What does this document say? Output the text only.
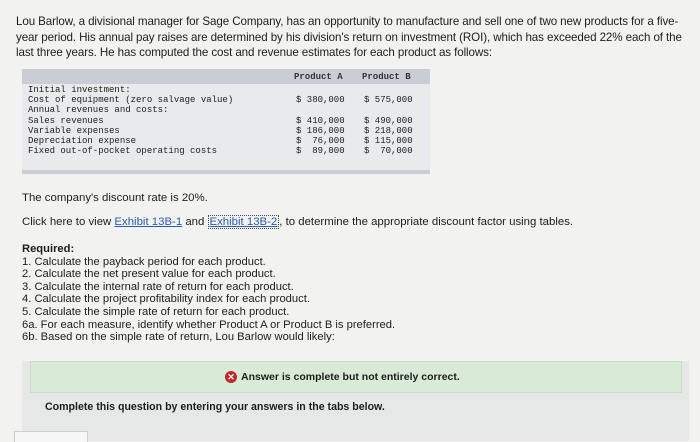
Lou Barlow, a divisional manager for Sage Company, has an opportunity to manufacture and sell one of two new products for a five-year period. His annual pay raises are determined by his division's return on investment (ROI), which has exceeded 22% each of the last three years. He has computed the cost and revenue estimates for each product as follows:
Product A Product B
Initial investment:
Cost of equipment (zero salvage value)	$ 380,000 $ 575,000
Annual revenues and costs:
Sales revenues	$ 410,000 $ 490,000
Variable expenses	$ 186,000 $ 218,000
Depreciation expense	$  76,000 $ 115,000
Fixed out-of-pocket operating costs	$  89,000 $  70,000
The company's discount rate is 20%.
Click here to view Exhibit 13B-1 and Exhibit 13B-2 , to determine the appropriate discount factor using tables.
Required:
1. Calculate the payback period for each product.
2. Calculate the net present value for each product.
3. Calculate the internal rate of return for each product.
4. Calculate the project profitability index for each product.
5. Calculate the simple rate of return for each product.
6a. For each measure, identify whether Product A or Product B is preferred.
6b. Based on the simple rate of return, Lou Barlow would likely:
✕ Answer is complete but not entirely correct.
Complete this question by entering your answers in the tabs below.
